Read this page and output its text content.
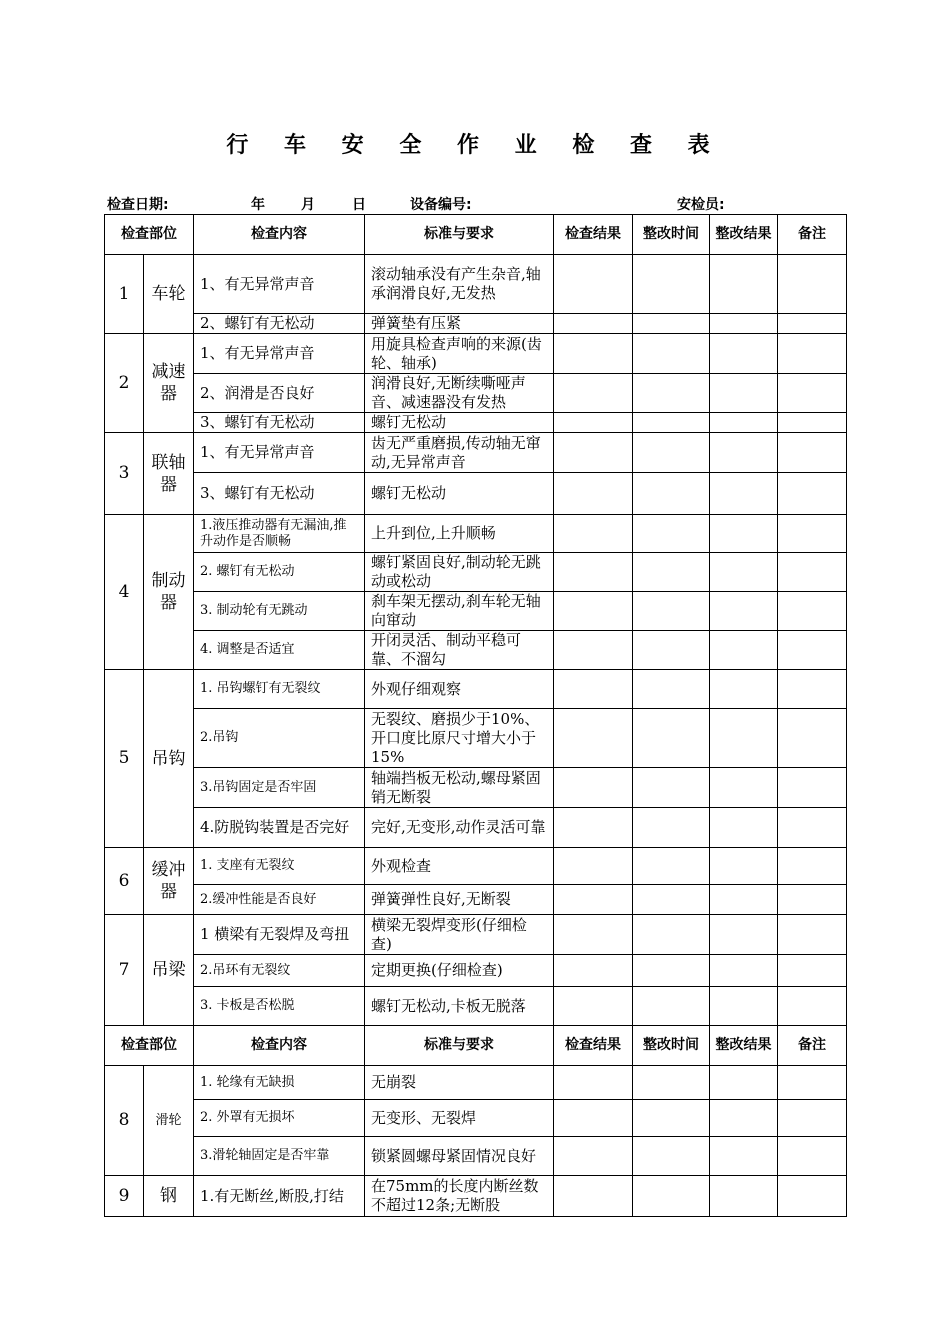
行 车 安 全 作 业 检 查 表
检查日期:	年	月	日	设备编号:	安检员:
检查部位		检查内容	标准与要求	检查结果	整改时间	整改结果	备注
1	车轮	1、有无异常声音	滚动轴承没有产生杂音,轴承润滑良好,无发热				
		2、螺钉有无松动	弹簧垫有压紧				
2	减速器	1、有无异常声音	用旋具检查声响的来源(齿轮、轴承)				
		2、润滑是否良好	润滑良好,无断续嘶哑声音、减速器没有发热				
		3、螺钉有无松动	螺钉无松动				
3	联轴器	1、有无异常声音	齿无严重磨损,传动轴无窜动,无异常声音				
		3、螺钉有无松动	螺钉无松动				
4	制动器	1.液压推动器有无漏油,推升动作是否顺畅	上升到位,上升顺畅				
		2. 螺钉有无松动	螺钉紧固良好,制动轮无跳动或松动				
		3. 制动轮有无跳动	刹车架无摆动,刹车轮无轴向窜动				
		4. 调整是否适宜	开闭灵活、制动平稳可靠、不溜勾				
5	吊钩	1. 吊钩螺钉有无裂纹	外观仔细观察				
		2.吊钩	无裂纹、磨损少于10%、开口度比原尺寸增大小于15%				
		3.吊钩固定是否牢固	轴端挡板无松动,螺母紧固销无断裂				
		4.防脱钩装置是否完好	完好,无变形,动作灵活可靠				
6	缓冲器	1. 支座有无裂纹	外观检查				
		2.缓冲性能是否良好	弹簧弹性良好,无断裂				
7	吊梁	1 横梁有无裂焊及弯扭	横梁无裂焊变形(仔细检查)				
		2.吊环有无裂纹	定期更换(仔细检查)				
		3. 卡板是否松脱	螺钉无松动,卡板无脱落				
检查部位		检查内容	标准与要求	检查结果	整改时间	整改结果	备注
8	滑轮	1. 轮缘有无缺损	无崩裂				
		2. 外罩有无损坏	无变形、无裂焊				
		3.滑轮轴固定是否牢靠	锁紧圆螺母紧固情况良好				
9	钢	1.有无断丝,断股,打结	在75mm的长度内断丝数不超过12条;无断股				
